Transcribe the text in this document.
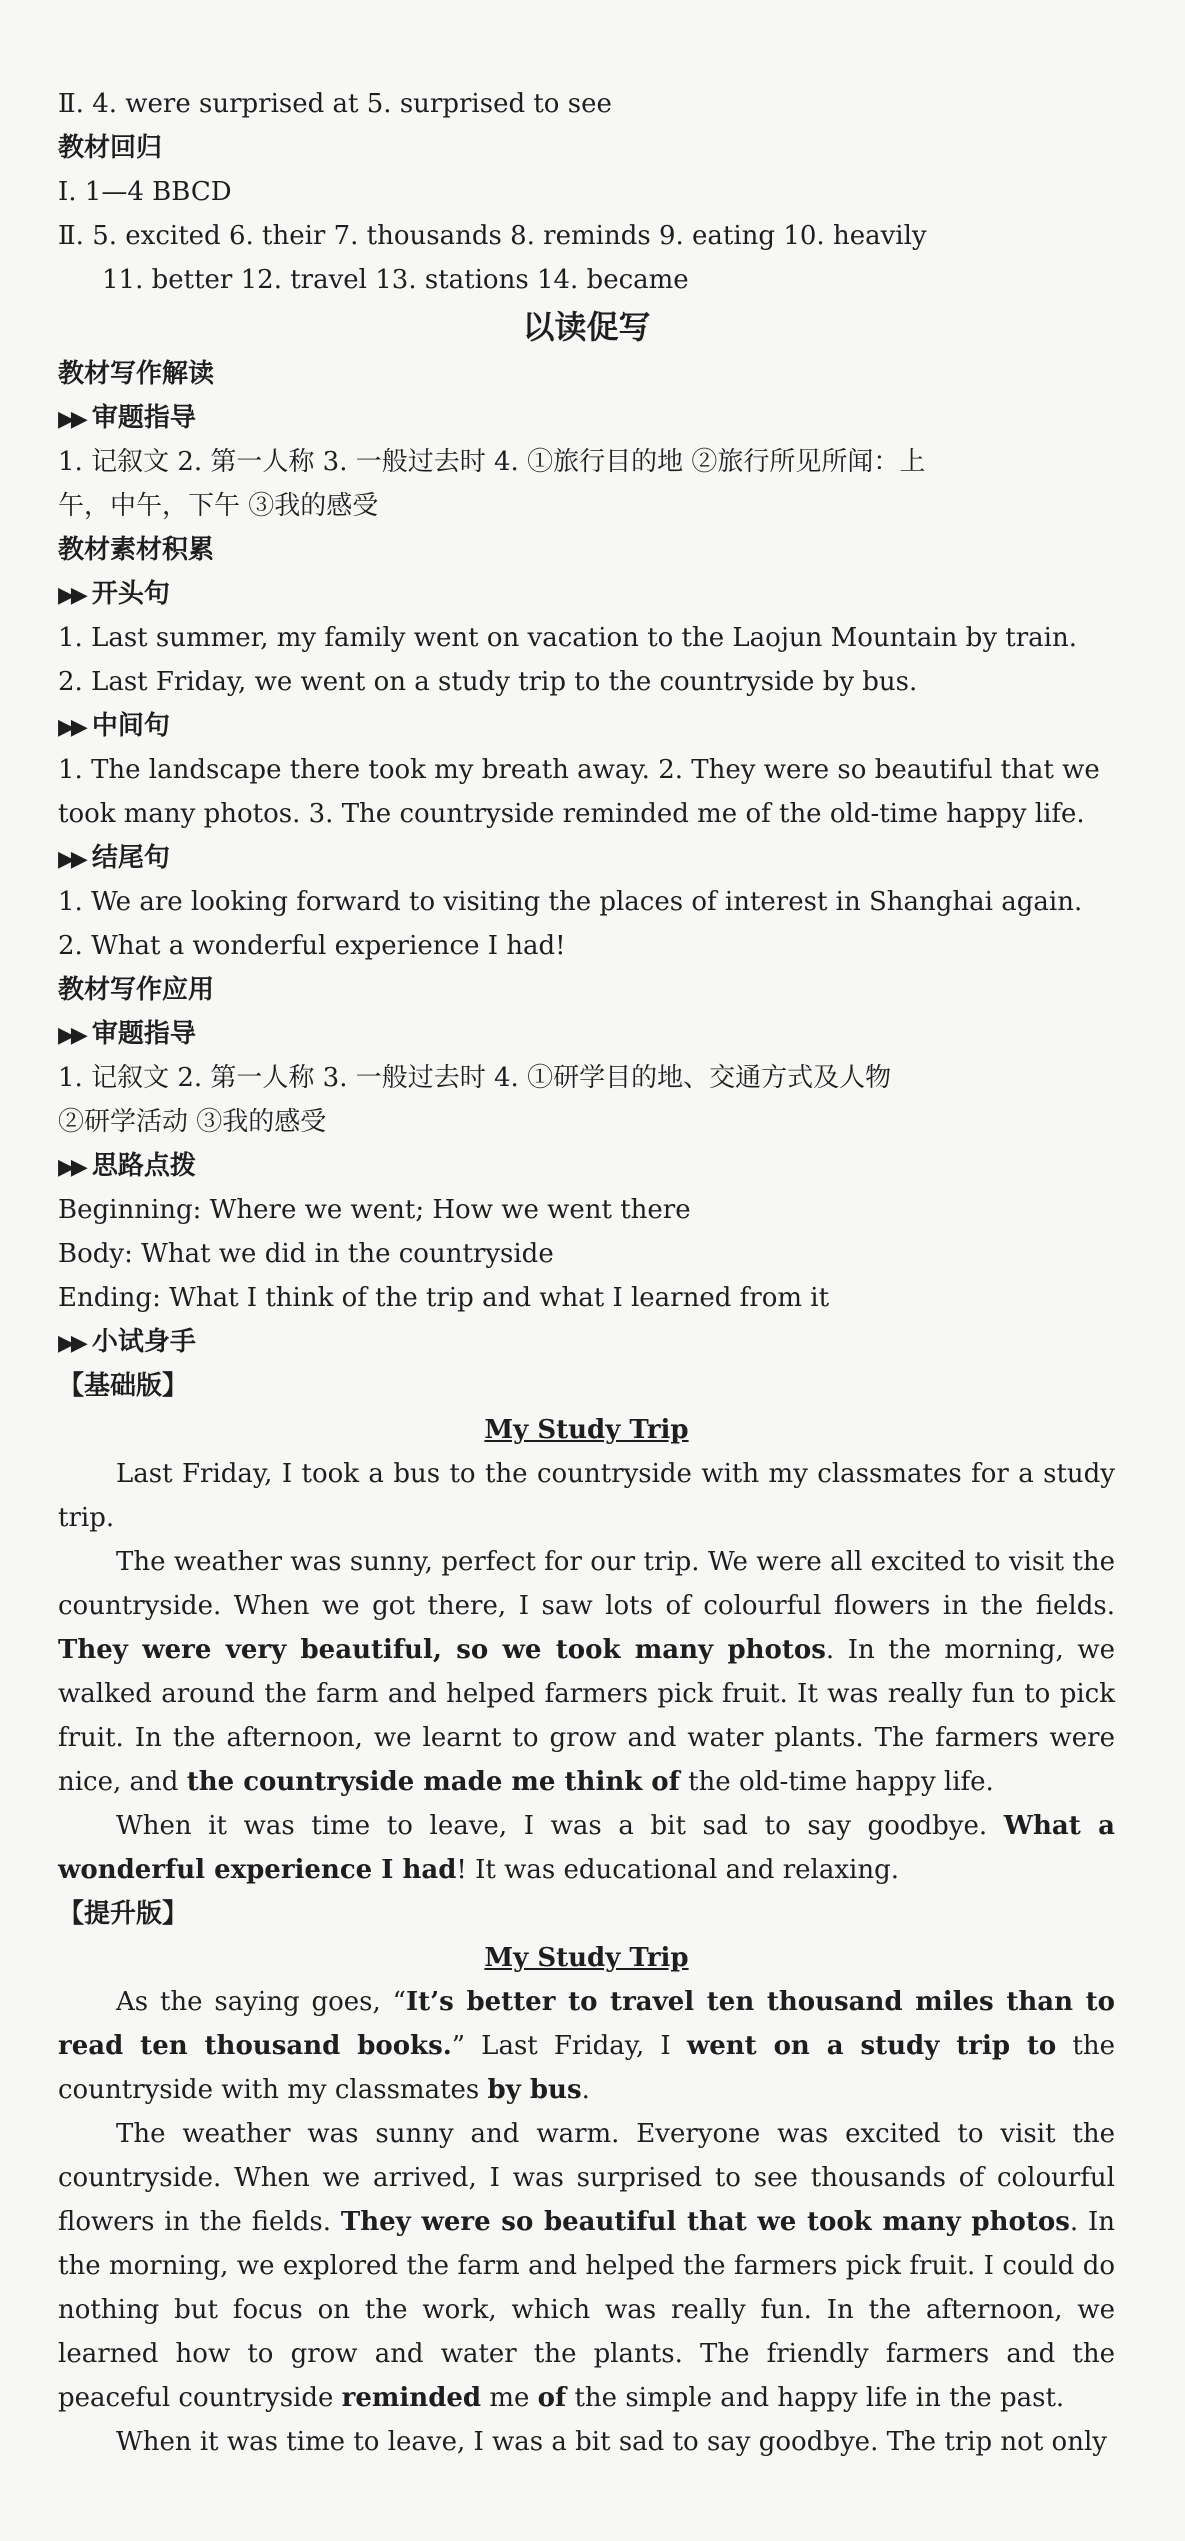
Ⅱ. 4. were surprised at 5. surprised to see
教材回归
Ⅰ. 1—4 BBCD
Ⅱ. 5. excited 6. their 7. thousands 8. reminds 9. eating 10. heavily
11. better 12. travel 13. stations 14. became
以读促写
教材写作解读
▶▶ 审题指导
1. 记叙文 2. 第一人称 3. 一般过去时 4. ①旅行目的地 ②旅行所见所闻：上
午，中午，下午 ③我的感受
教材素材积累
▶▶ 开头句
1. Last summer, my family went on vacation to the Laojun Mountain by train.
2. Last Friday, we went on a study trip to the countryside by bus.
▶▶ 中间句
1. The landscape there took my breath away. 2. They were so beautiful that we
took many photos. 3. The countryside reminded me of the old-time happy life.
▶▶ 结尾句
1. We are looking forward to visiting the places of interest in Shanghai again.
2. What a wonderful experience I had!
教材写作应用
▶▶ 审题指导
1. 记叙文 2. 第一人称 3. 一般过去时 4. ①研学目的地、交通方式及人物
②研学活动 ③我的感受
▶▶ 思路点拨
Beginning: Where we went; How we went there
Body: What we did in the countryside
Ending: What I think of the trip and what I learned from it
▶▶ 小试身手
【基础版】
My Study Trip
Last Friday, I took a bus to the countryside with my classmates for a study trip.
The weather was sunny, perfect for our trip. We were all excited to visit the countryside. When we got there, I saw lots of colourful flowers in the fields. They were very beautiful, so we took many photos. In the morning, we walked around the farm and helped farmers pick fruit. It was really fun to pick fruit. In the afternoon, we learnt to grow and water plants. The farmers were nice, and the countryside made me think of the old-time happy life.
When it was time to leave, I was a bit sad to say goodbye. What a wonderful experience I had! It was educational and relaxing.
【提升版】
My Study Trip
As the saying goes, “It’s better to travel ten thousand miles than to read ten thousand books.” Last Friday, I went on a study trip to the countryside with my classmates by bus.
The weather was sunny and warm. Everyone was excited to visit the countryside. When we arrived, I was surprised to see thousands of colourful flowers in the fields. They were so beautiful that we took many photos. In the morning, we explored the farm and helped the farmers pick fruit. I could do nothing but focus on the work, which was really fun. In the afternoon, we learned how to grow and water the plants. The friendly farmers and the peaceful countryside reminded me of the simple and happy life in the past.
When it was time to leave, I was a bit sad to say goodbye. The trip not only
